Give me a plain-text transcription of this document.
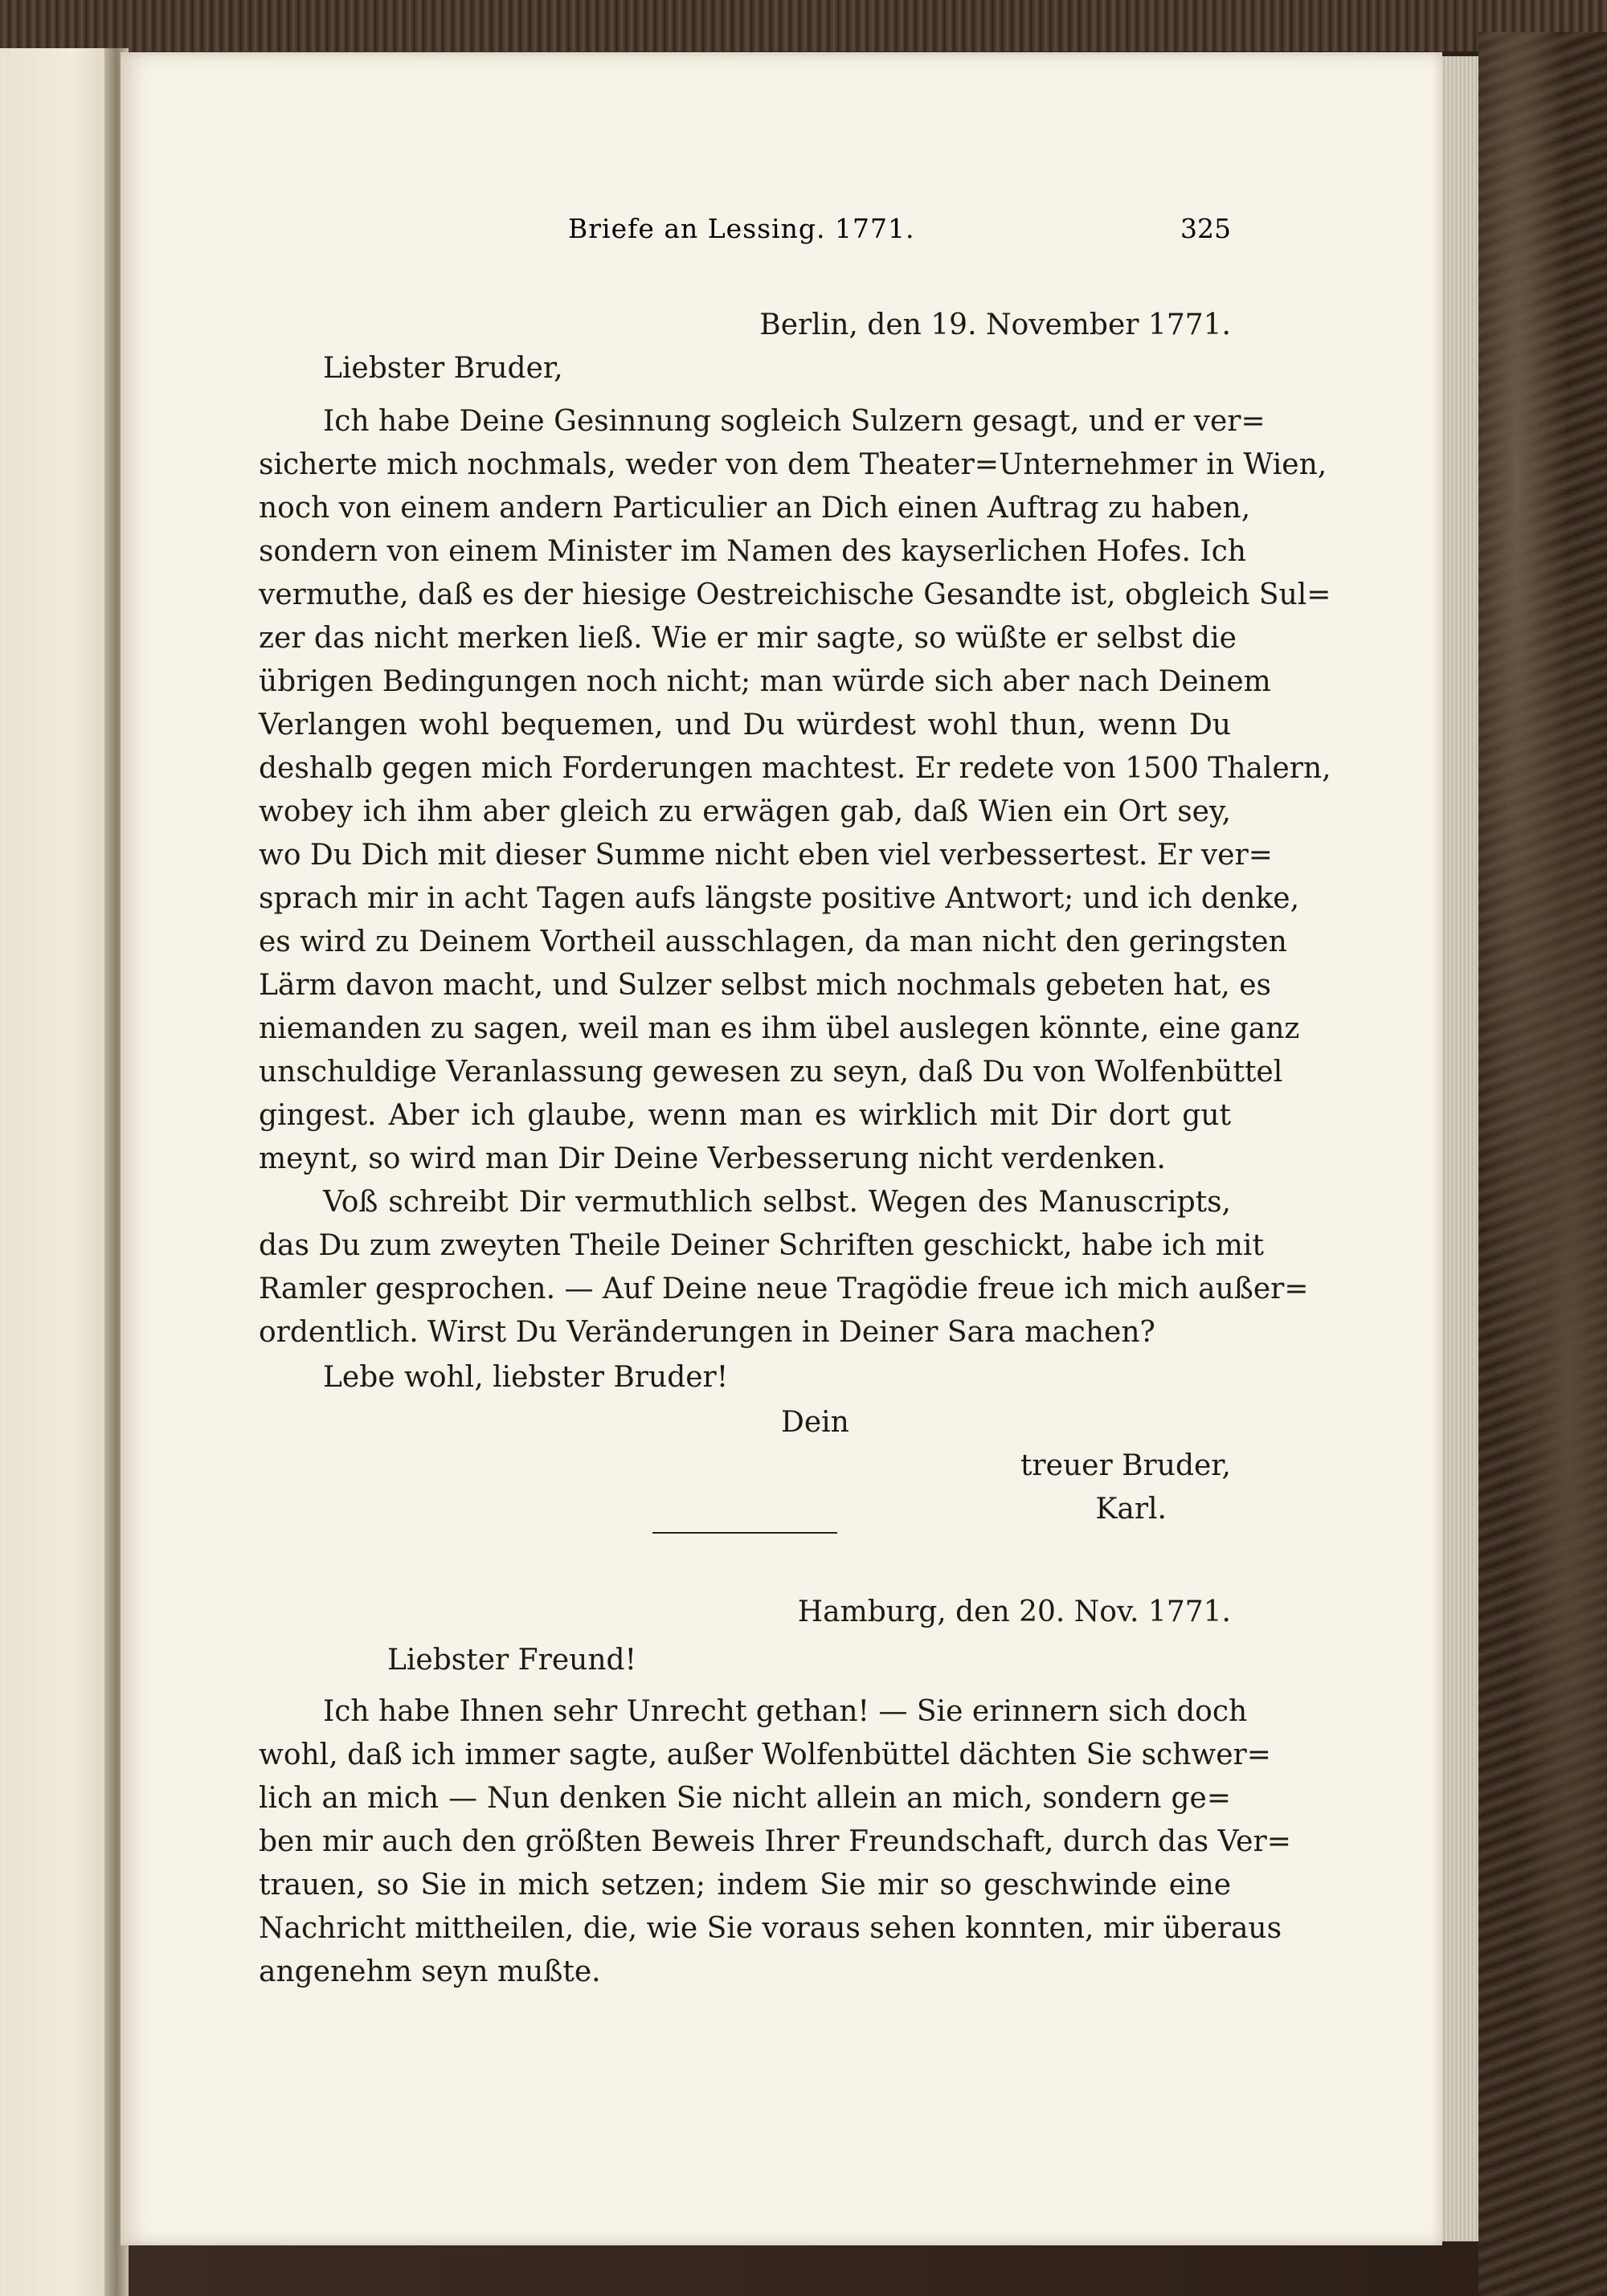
Briefe an Lessing. 1771.	325
Berlin, den 19. November 1771.
Liebster Bruder,
Ich habe Deine Gesinnung sogleich Sulzern gesagt, und er ver=
sicherte mich nochmals, weder von dem Theater=Unternehmer in Wien,
noch von einem andern Particulier an Dich einen Auftrag zu haben,
sondern von einem Minister im Namen des kayserlichen Hofes. Ich
vermuthe, daß es der hiesige Oestreichische Gesandte ist, obgleich Sul=
zer das nicht merken ließ. Wie er mir sagte, so wüßte er selbst die
übrigen Bedingungen noch nicht; man würde sich aber nach Deinem
Verlangen wohl bequemen, und Du würdest wohl thun, wenn Du
deshalb gegen mich Forderungen machtest. Er redete von 1500 Thalern,
wobey ich ihm aber gleich zu erwägen gab, daß Wien ein Ort sey,
wo Du Dich mit dieser Summe nicht eben viel verbessertest. Er ver=
sprach mir in acht Tagen aufs längste positive Antwort; und ich denke,
es wird zu Deinem Vortheil ausschlagen, da man nicht den geringsten
Lärm davon macht, und Sulzer selbst mich nochmals gebeten hat, es
niemanden zu sagen, weil man es ihm übel auslegen könnte, eine ganz
unschuldige Veranlassung gewesen zu seyn, daß Du von Wolfenbüttel
gingest. Aber ich glaube, wenn man es wirklich mit Dir dort gut
meynt, so wird man Dir Deine Verbesserung nicht verdenken.
Voß schreibt Dir vermuthlich selbst. Wegen des Manuscripts,
das Du zum zweyten Theile Deiner Schriften geschickt, habe ich mit
Ramler gesprochen. — Auf Deine neue Tragödie freue ich mich außer=
ordentlich. Wirst Du Veränderungen in Deiner Sara machen?
Lebe wohl, liebster Bruder!
Dein
treuer Bruder,
Karl.
Hamburg, den 20. Nov. 1771.
Liebster Freund!
Ich habe Ihnen sehr Unrecht gethan! — Sie erinnern sich doch
wohl, daß ich immer sagte, außer Wolfenbüttel dächten Sie schwer=
lich an mich — Nun denken Sie nicht allein an mich, sondern ge=
ben mir auch den größten Beweis Ihrer Freundschaft, durch das Ver=
trauen, so Sie in mich setzen; indem Sie mir so geschwinde eine
Nachricht mittheilen, die, wie Sie voraus sehen konnten, mir überaus
angenehm seyn mußte.
